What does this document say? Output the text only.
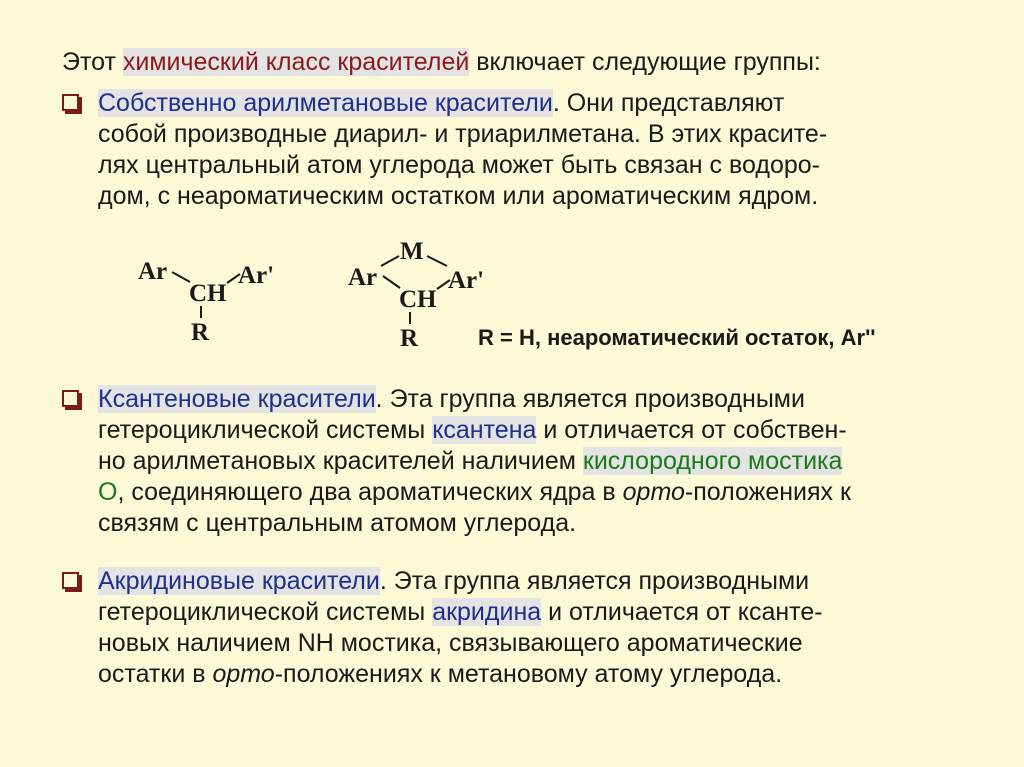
Этот химический класс красителей включает следующие группы:

Собственно арилметановые красители. Они представляют
собой производные диарил- и триарилметана. В этих красите-
лях центральный атом углерода может быть связан с водоро-
дом, с неароматическим остатком или ароматическим ядром.
Ar
CH
Ar'
R
M
Ar
CH
Ar'
R	R = H, неароматический остаток, Ar''
Ксантеновые красители. Эта группа является производными
гетероциклической системы ксантена и отличается от собствен-
но арилметановых красителей наличием кислородного мостика
О, соединяющего два ароматических ядра в орто-положениях к
связям с центральным атомом углерода.
Акридиновые красители. Эта группа является производными
гетероциклической системы акридина и отличается от ксанте-
новых наличием NH мостика, связывающего ароматические
остатки в орто-положениях к метановому атому углерода.
